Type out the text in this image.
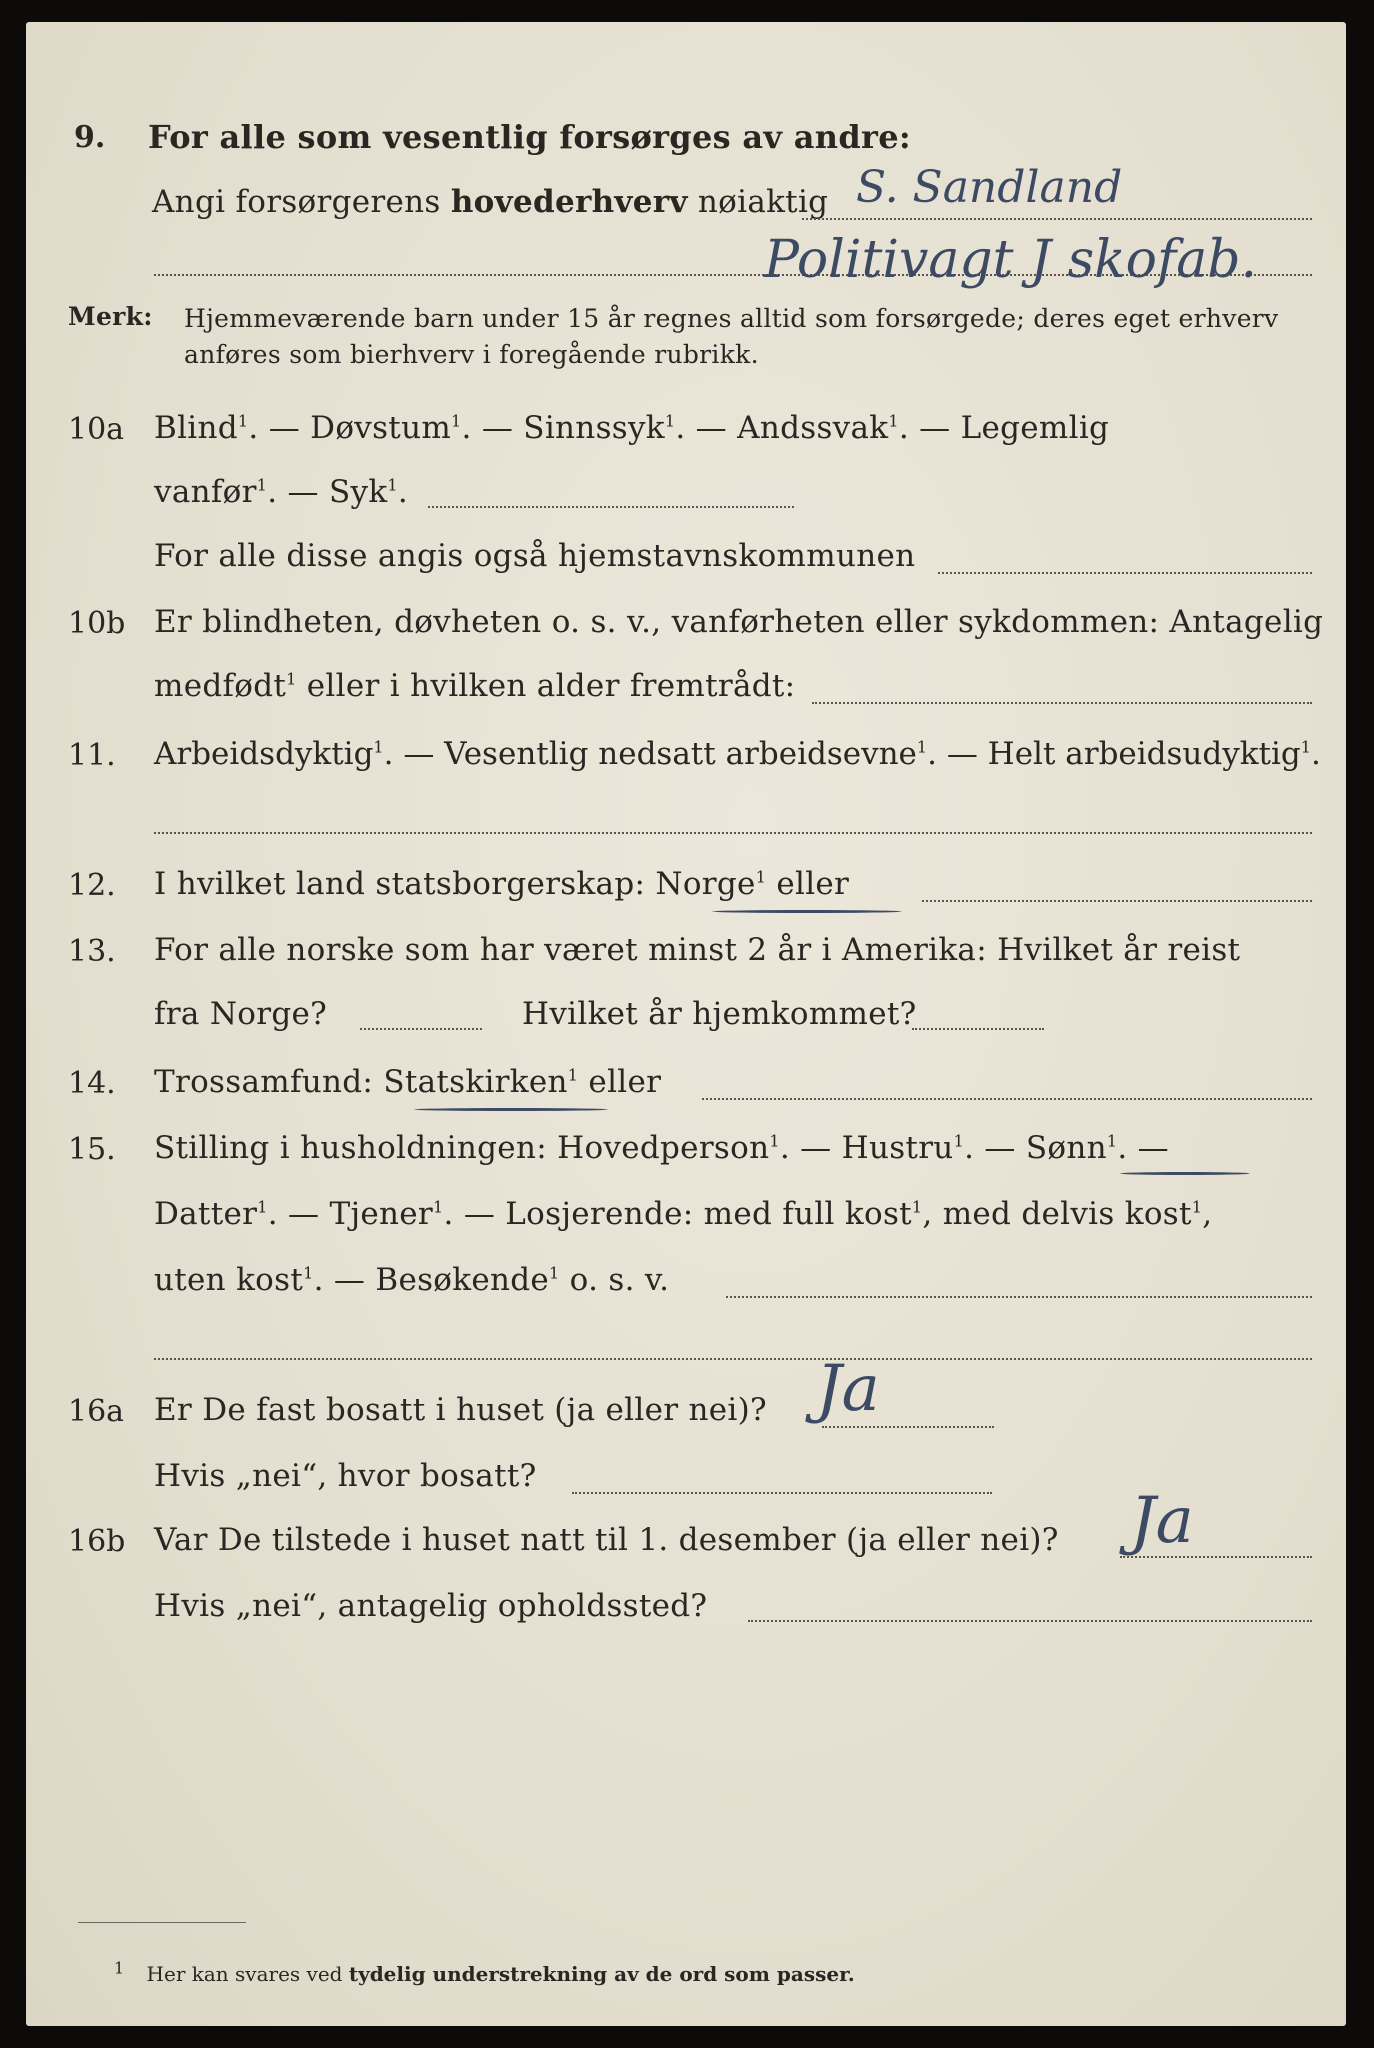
9. For alle som vesentlig forsørges av andre:
Angi forsørgerens hovederhverv nøiaktig S. Sandland
Politivagt J skofab.
Merk: Hjemmeværende barn under 15 år regnes alltid som forsørgede; deres eget erhverv
anføres som bierhverv i foregående rubrikk.
10a Blind$^1$. — Døvstum$^1$. — Sinnssyk$^1$. — Andssvak$^1$. — Legemlig
vanfør$^1$. — Syk$^1$.
For alle disse angis også hjemstavnskommunen
10b Er blindheten, døvheten o. s. v., vanførheten eller sykdommen: Antagelig
medfødt$^1$ eller i hvilken alder fremtrådt:
11. Arbeidsdyktig$^1$. — Vesentlig nedsatt arbeidsevne$^1$. — Helt arbeidsudyktig$^1$.
12. I hvilket land statsborgerskap: Norge$^1$ eller
13. For alle norske som har været minst 2 år i Amerika: Hvilket år reist
fra Norge?	Hvilket år hjemkommet?
14. Trossamfund: Statskirken$^1$ eller
15. Stilling i husholdningen: Hovedperson$^1$. — Hustru$^1$. — Sønn$^1$. —
Datter$^1$. — Tjener$^1$. — Losjerende: med full kost$^1$, med delvis kost$^1$,
uten kost$^1$. — Besøkende$^1$ o. s. v.
16a Er De fast bosatt i huset (ja eller nei)? Ja
Hvis „nei“, hvor bosatt?
16b Var De tilstede i huset natt til 1. desember (ja eller nei)? Ja
Hvis „nei“, antagelig opholdssted?
$^1$ Her kan svares ved tydelig understrekning av de ord som passer.
